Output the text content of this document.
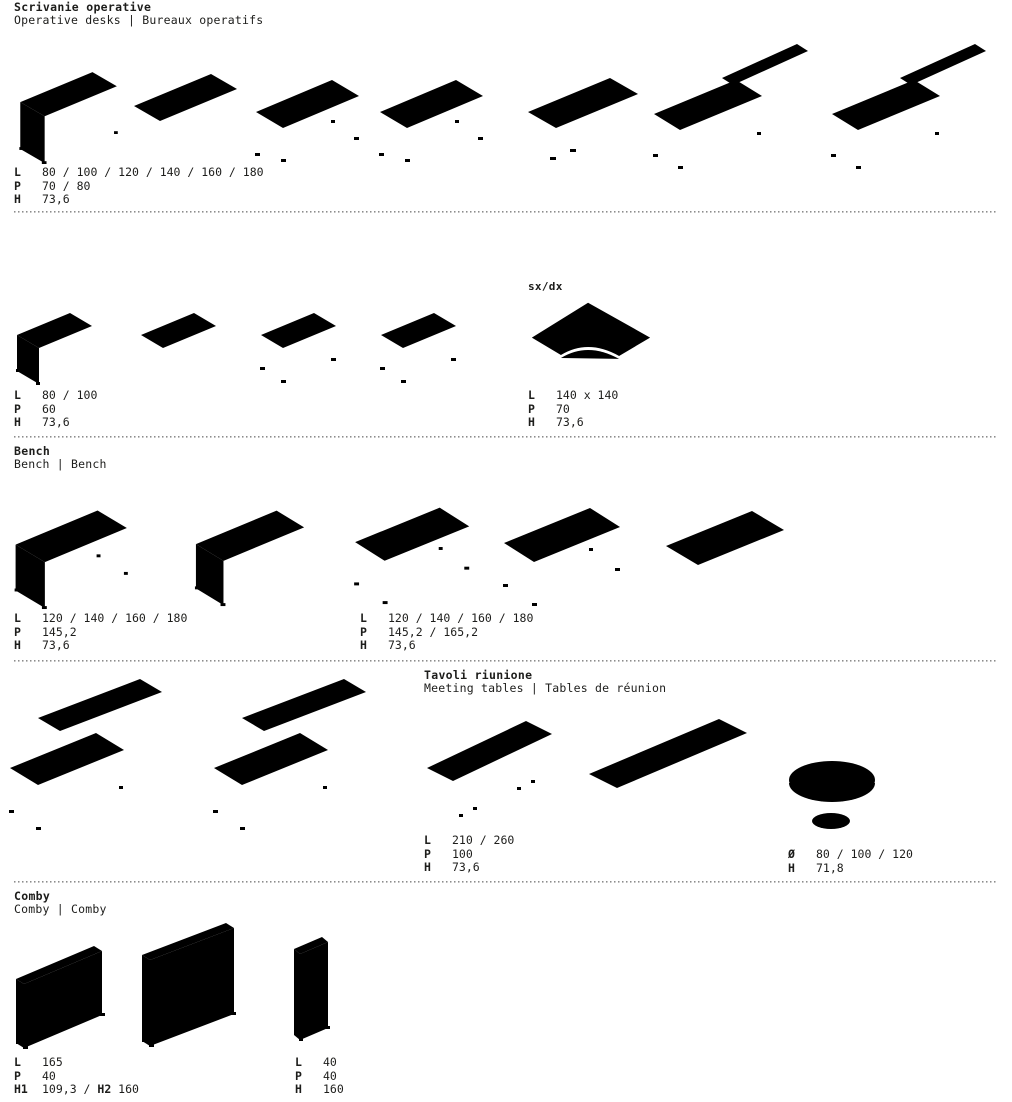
Scrivanie operative
Operative desks | Bureaux operatifs
L	80 / 100 / 120 / 140 / 160 / 180
P	70 / 80
H	73,6
sx/dx
L	80 / 100
P	60
H	73,6
L	140 x 140
P	70
H	73,6
Bench
Bench | Bench
L	120 / 140 / 160 / 180
P	145,2
H	73,6
L	120 / 140 / 160 / 180
P	145,2 / 165,2
H	73,6
Tavoli riunione
Meeting tables | Tables de réunion
L	210 / 260
P	100
H	73,6
Ø	80 / 100 / 120
H	71,8
Comby
Comby | Comby
L	165
P	40
H1	109,3 / H2 160
L	40
P	40
H	160
